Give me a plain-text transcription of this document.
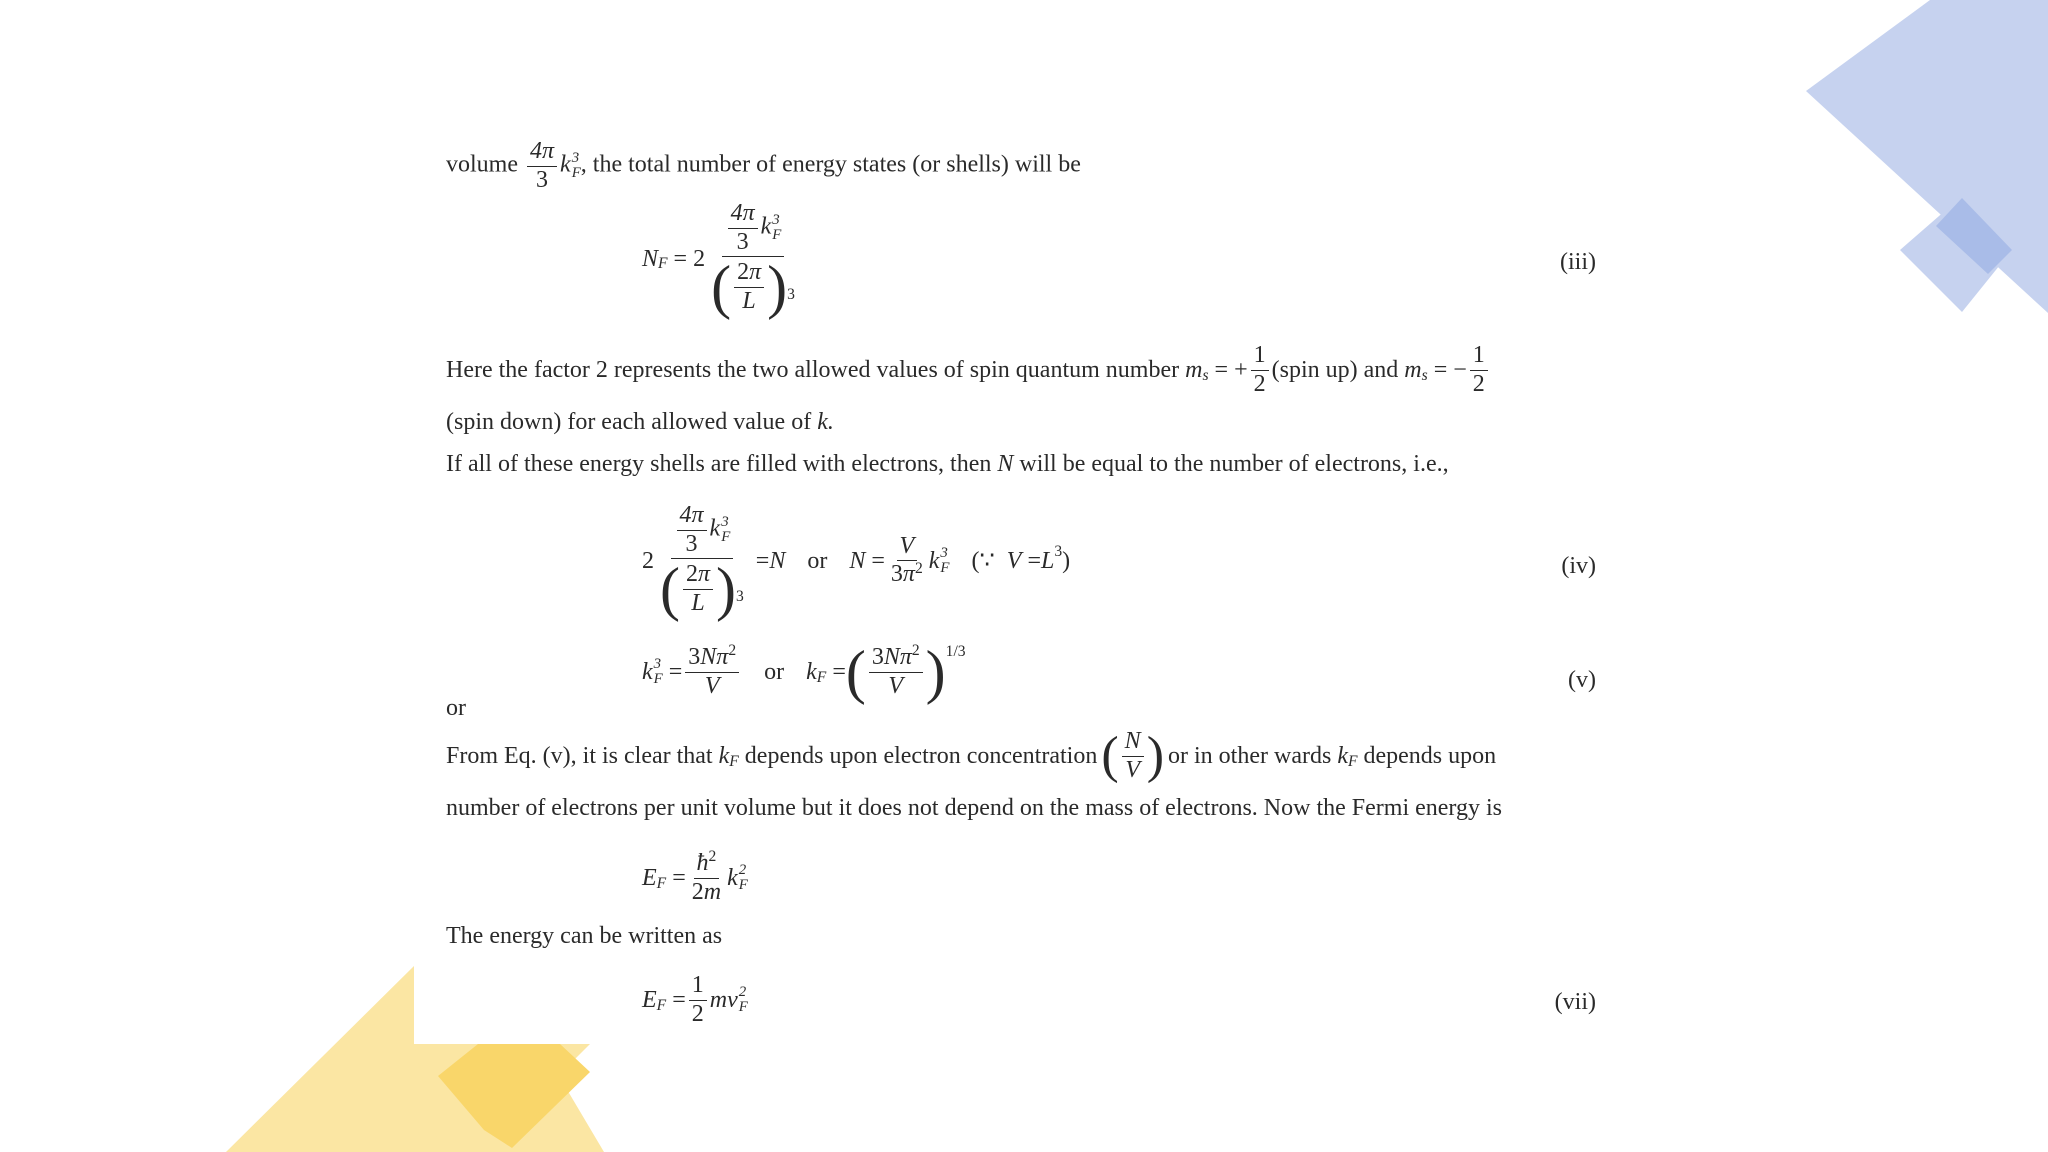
volume $\frac{4\pi}{3}$ k 3
F , the total number of energy states (or shells) will be
N $F = 2 \frac{4\pi}{3}$ k 3
F
( $\frac{2\pi}{L}$ ) $^3$	(iii)
Here the factor 2 represents the two allowed values of spin quantum number
m s = + $\frac{1}{2}$ (spin up) and
m s = − $\frac{1}{2}$
(spin down) for each allowed value of k.
If all of these energy shells are filled with electrons, then N will be equal to the number of electrons, i.e.,
$2 \frac{4\pi}{3}$ k 3
F
( $\frac{2\pi}{L}$ ) $^3$ = N or $N = \frac{V}{3\pi^2}$ k 3
F (∵ V = L 3 )	(iv)
or
k 3
$F = \frac{3N\pi^2}{V}$ or k F = ( $\frac{3N\pi^2}{V}$ ) 1/3
(v)
From Eq. (v), it is clear that
k F
depends upon electron concentration ( $\frac{N}{V}$ ) or in other wards
k F
depends upon
number of electrons per unit volume but it does not depend on the mass of electrons. Now the Fermi energy is
E $F = \frac{ħ^2}{2m}$ k 2
F
The energy can be written as
E $F = \frac{1}{2}$ mv 2
F	(vii)
